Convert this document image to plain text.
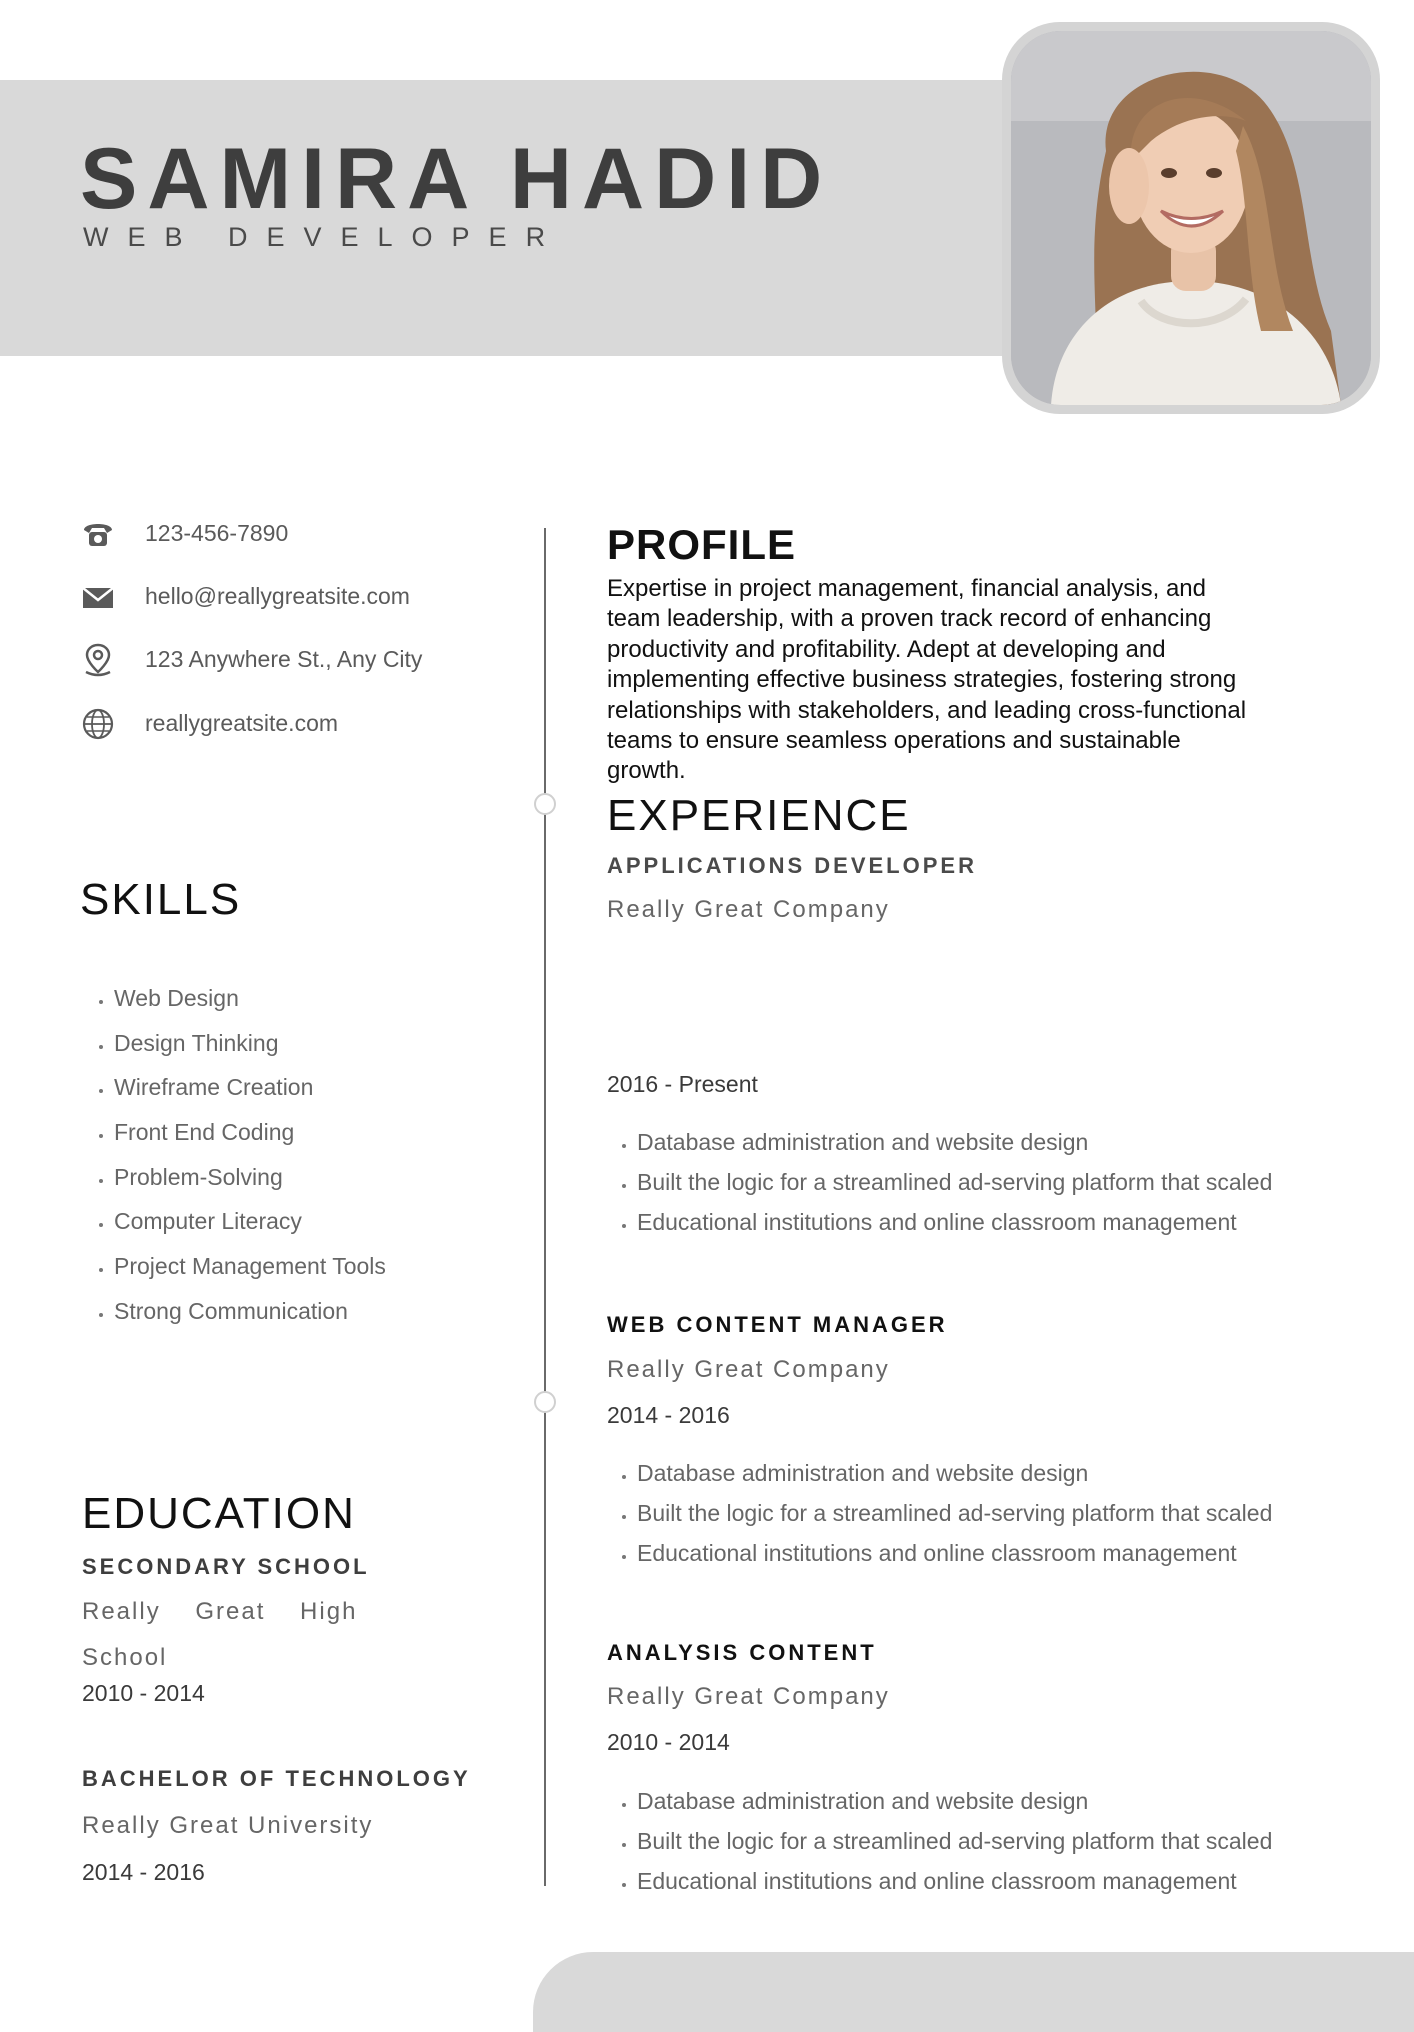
SAMIRA HADID
WEB DEVELOPER
123-456-7890
hello@reallygreatsite.com
123 Anywhere St., Any City
reallygreatsite.com
SKILLS
• Web Design
• Design Thinking
• Wireframe Creation
• Front End Coding
• Problem-Solving
• Computer Literacy
• Project Management Tools
• Strong Communication
EDUCATION
SECONDARY SCHOOL
Really    Great    High
School
2010 - 2014
BACHELOR OF TECHNOLOGY
Really Great University
2014 - 2016
PROFILE
Expertise in project management, financial analysis, and team leadership, with a proven track record of enhancing productivity and profitability. Adept at developing and implementing effective business strategies, fostering strong relationships with stakeholders, and leading cross-functional teams to ensure seamless operations and sustainable growth.
EXPERIENCE
APPLICATIONS DEVELOPER
Really Great Company
2016 - Present
• Database administration and website design
• Built the logic for a streamlined ad-serving platform that scaled
• Educational institutions and online classroom management
WEB CONTENT MANAGER
Really Great Company
2014 - 2016
• Database administration and website design
• Built the logic for a streamlined ad-serving platform that scaled
• Educational institutions and online classroom management
ANALYSIS CONTENT
Really Great Company
2010 - 2014
• Database administration and website design
• Built the logic for a streamlined ad-serving platform that scaled
• Educational institutions and online classroom management
